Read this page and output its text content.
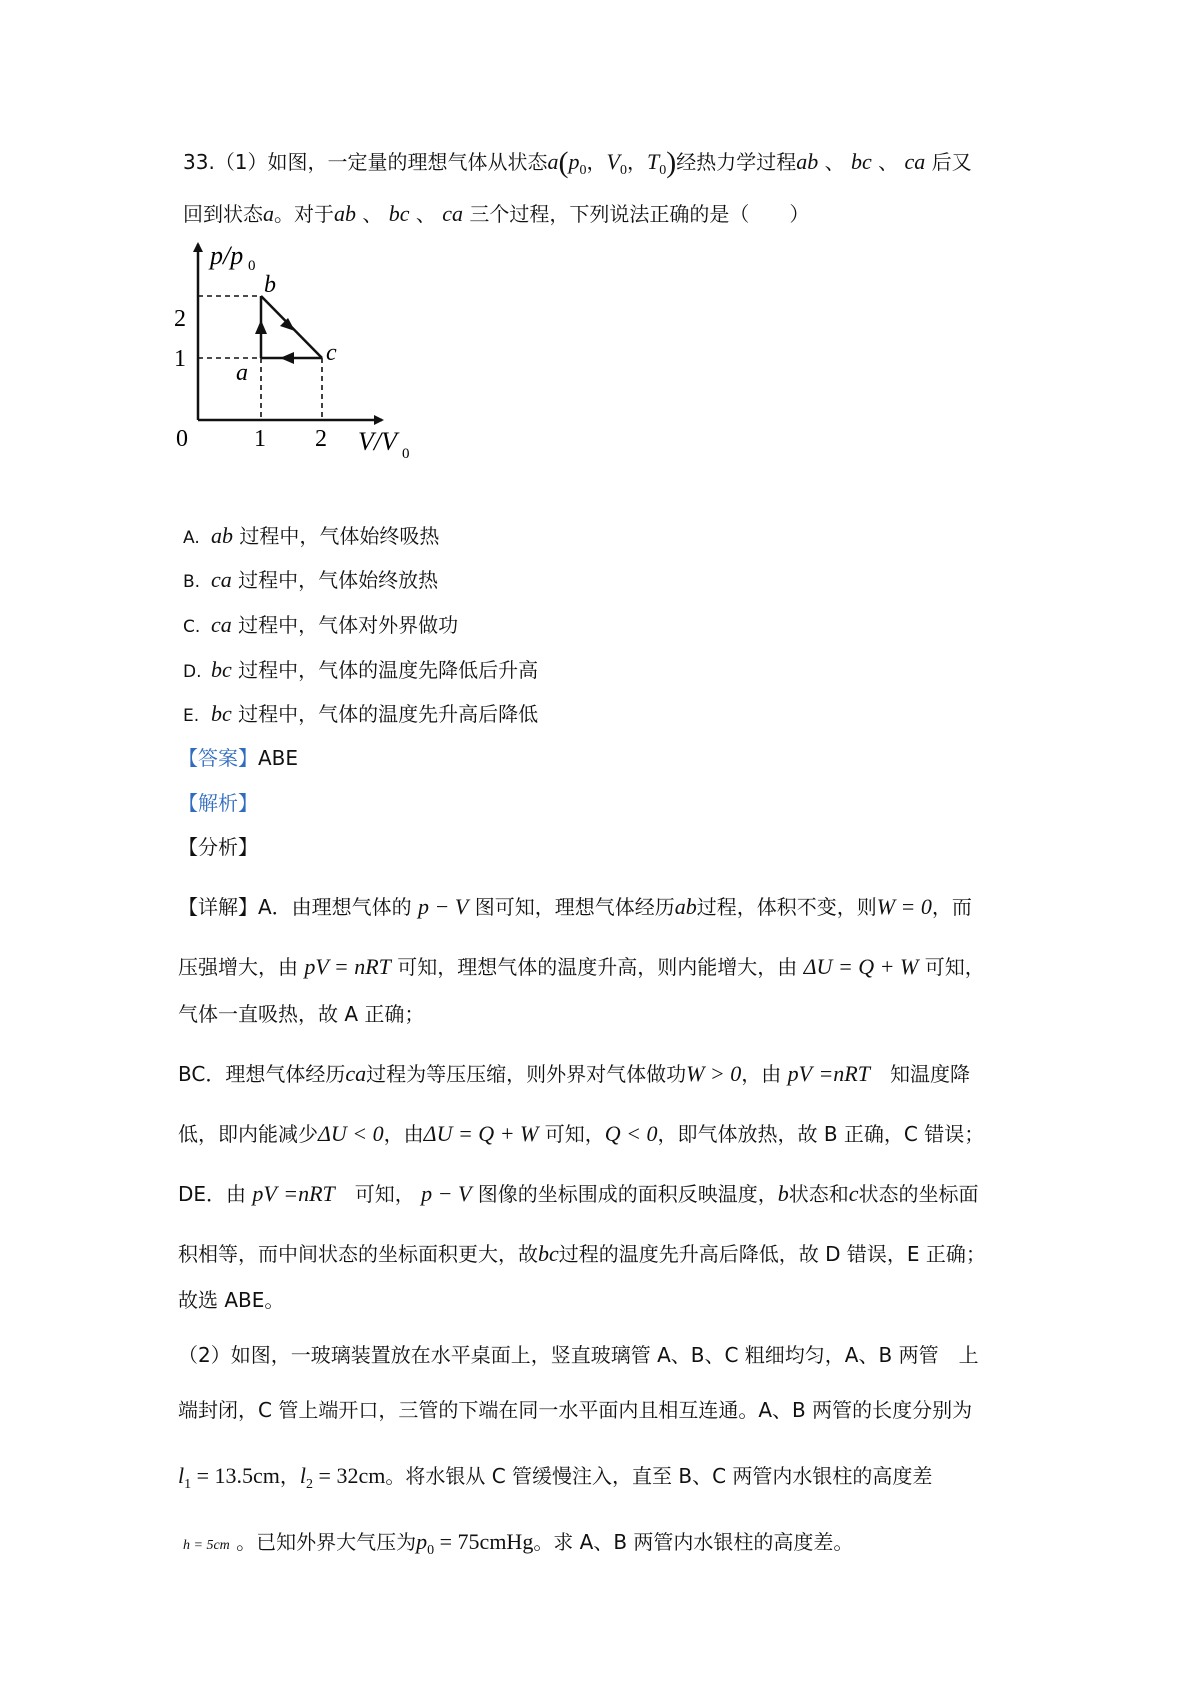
33.（1）如图，一定量的理想气体从状态$a(p_0$，$V_0$，$T_0$)经热力学过程ab 、 bc 、 ca 后又
回到状态a。对于ab 、 bc 、 ca 三个过程，下列说法正确的是（　　）
p/p 0
V/V 0
0
2
1
1 2
a
b
c
A. ab 过程中，气体始终吸热
B. ca 过程中，气体始终放热
C. ca 过程中，气体对外界做功
D. bc 过程中，气体的温度先降低后升高
E. bc 过程中，气体的温度先升高后降低
【答案】ABE
【解析】
【分析】
【详解】A．由理想气体的 p − V 图可知，理想气体经历ab过程，体积不变，则W = 0，而
压强增大，由 pV = nRT 可知，理想气体的温度升高，则内能增大，由 ΔU = Q + W 可知，
气体一直吸热，故 A 正确；
BC．理想气体经历ca过程为等压压缩，则外界对气体做功W > 0，由 pV =nRT　 知温度降
低，即内能减少ΔU < 0，由ΔU = Q + W 可知，Q < 0，即气体放热，故 B 正确，C 错误；
DE．由 pV =nRT　 可知， p − V 图像的坐标围成的面积反映温度，b状态和c状态的坐标面
积相等，而中间状态的坐标面积更大，故bc过程的温度先升高后降低，故 D 错误，E 正确；
故选 ABE。
（2）如图，一玻璃装置放在水平桌面上，竖直玻璃管 A、B、C 粗细均匀，A、B 两管　上
端封闭，C 管上端开口，三管的下端在同一水平面内且相互连通。A、B 两管的长度分别为
$l_1 = 13.5cm$，$l_2 = 32cm$。将水银从 C 管缓慢注入，直至 B、C 两管内水银柱的高度差
h = 5cm 。已知外界大气压为$p_0$ = 75cmHg。求 A、B 两管内水银柱的高度差。
